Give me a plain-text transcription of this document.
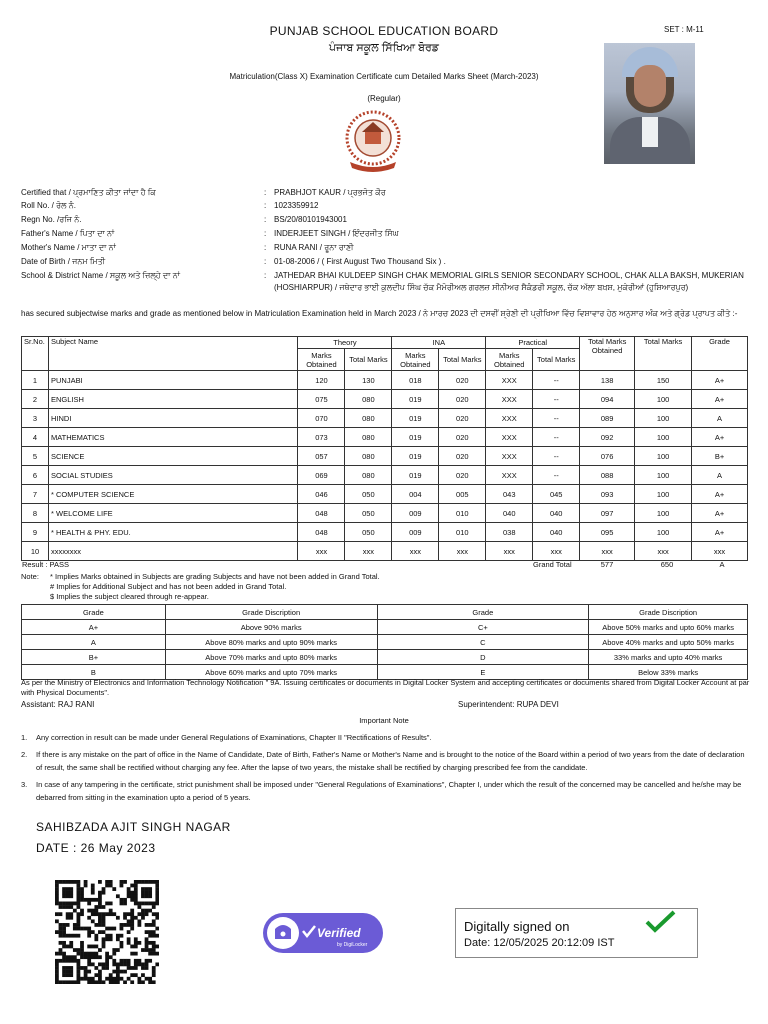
PUNJAB SCHOOL EDUCATION BOARD
ਪੰਜਾਬ ਸਕੂਲ ਸਿੱਖਿਆ ਬੋਰਡ
Matriculation(Class X) Examination Certificate cum Detailed Marks Sheet (March-2023)
(Regular)
SET : M-11
Certified that / ਪ੍ਰਮਾਣਿਤ ਕੀਤਾ ਜਾਂਦਾ ਹੈ ਕਿ	: PRABHJOT KAUR / ਪ੍ਰਭਜੋਤ ਕੌਰ
Roll No. / ਰੋਲ ਨੰ.	: 1023359912
Regn No. /ਰਜਿ ਨੰ.	: BS/20/80101943001
Father's Name / ਪਿਤਾ ਦਾ ਨਾਂ	: INDERJEET SINGH / ਇੰਦਰਜੀਤ ਸਿੰਘ
Mother's Name / ਮਾਤਾ ਦਾ ਨਾਂ	: RUNA RANI / ਰੂਨਾ ਰਾਣੀ
Date of Birth / ਜਨਮ ਮਿਤੀ	: 01-08-2006 / ( First August Two Thousand Six ) .
School & District Name / ਸਕੂਲ ਅਤੇ ਜ਼ਿਲ੍ਹੇ ਦਾ ਨਾਂ	: JATHEDAR BHAI KULDEEP SINGH CHAK MEMORIAL GIRLS SENIOR SECONDARY SCHOOL, CHAK ALLA BAKSH, MUKERIAN (HOSHIARPUR) / ਜਥੇਦਾਰ ਭਾਈ ਕੁਲਦੀਪ ਸਿੰਘ ਚੱਕ ਮੈਮੋਰੀਅਲ ਗਰਲਜ਼ ਸੀਨੀਅਰ ਸੈਕੰਡਰੀ ਸਕੂਲ, ਚੱਕ ਅੱਲਾ ਬਖ਼ਸ਼, ਮੁਕੇਰੀਆਂ (ਹੁਸ਼ਿਆਰਪੁਰ)
has secured subjectwise marks and grade as mentioned below in Matriculation Examination held in March 2023 / ਨੇ ਮਾਰਚ 2023 ਦੀ ਦਸਵੀਂ ਸ਼੍ਰੇਣੀ ਦੀ ਪ੍ਰੀਖਿਆ ਵਿੱਚ ਵਿਸ਼ਾਵਾਰ ਹੇਠ ਅਨੁਸਾਰ ਅੰਕ ਅਤੇ ਗ੍ਰੇਡ ਪ੍ਰਾਪਤ ਕੀਤੇ :-
Sr.No.	Subject Name	Theory		INA		Practical		Total Marks Obtained	Total Marks	Grade
		Marks Obtained	Total Marks	Marks Obtained	Total Marks	Marks Obtained	Total Marks			
1	PUNJABI	120	130	018	020	XXX	--	138	150	A+
2	ENGLISH	075	080	019	020	XXX	--	094	100	A+
3	HINDI	070	080	019	020	XXX	--	089	100	A
4	MATHEMATICS	073	080	019	020	XXX	--	092	100	A+
5	SCIENCE	057	080	019	020	XXX	--	076	100	B+
6	SOCIAL STUDIES	069	080	019	020	XXX	--	088	100	A
7	* COMPUTER SCIENCE	046	050	004	005	043	045	093	100	A+
8	* WELCOME LIFE	048	050	009	010	040	040	097	100	A+
9	* HEALTH & PHY. EDU.	048	050	009	010	038	040	095	100	A+
10	xxxxxxxx	xxx	xxx	xxx	xxx	xxx	xxx	xxx	xxx	xxx
Result : PASS	Grand Total	577	650	A
Note: * Implies Marks obtained in Subjects are grading Subjects and have not been added in Grand Total.
# Implies for Additional Subject and has not been added in Grand Total.
$ Implies the subject cleared through re-appear.
Grade	Grade Discription	Grade	Grade Discription
A+	Above 90% marks	C+	Above 50% marks and upto 60% marks
A	Above 80% marks and upto 90% marks	C	Above 40% marks and upto 50% marks
B+	Above 70% marks and upto 80% marks	D	33% marks and upto 40% marks
B	Above 60% marks and upto 70% marks	E	Below 33% marks
As per the Ministry of Electronics and Information Technology Notification " 9A. Issuing certificates or documents in Digital Locker System and accepting certificates or documents shared from Digital Locker Account at par with Physical Documents".
Assistant: RAJ RANI	Superintendent: RUPA DEVI
Important Note
1. Any correction in result can be made under General Regulations of Examinations, Chapter II "Rectifications of Results".
2. If there is any mistake on the part of office in the Name of Candidate, Date of Birth, Father's Name or Mother's Name and is brought to the notice of the Board within a period of two years from the date of declaration of result, the same shall be rectified without charging any fee. After the lapse of two years, the mistake shall be rectified by charging prescribed fee from the candidate.
3. In case of any tampering in the certificate, strict punishment shall be imposed under "General Regulations of Examinations", Chapter I, under which the result of the concerned may be cancelled and he/she may be debarred from sitting in the examination upto a period of 5 years.
SAHIBZADA AJIT SINGH NAGAR
DATE : 26 May 2023
Verified
by DigiLocker
Digitally signed on
Date: 12/05/2025 20:12:09 IST
